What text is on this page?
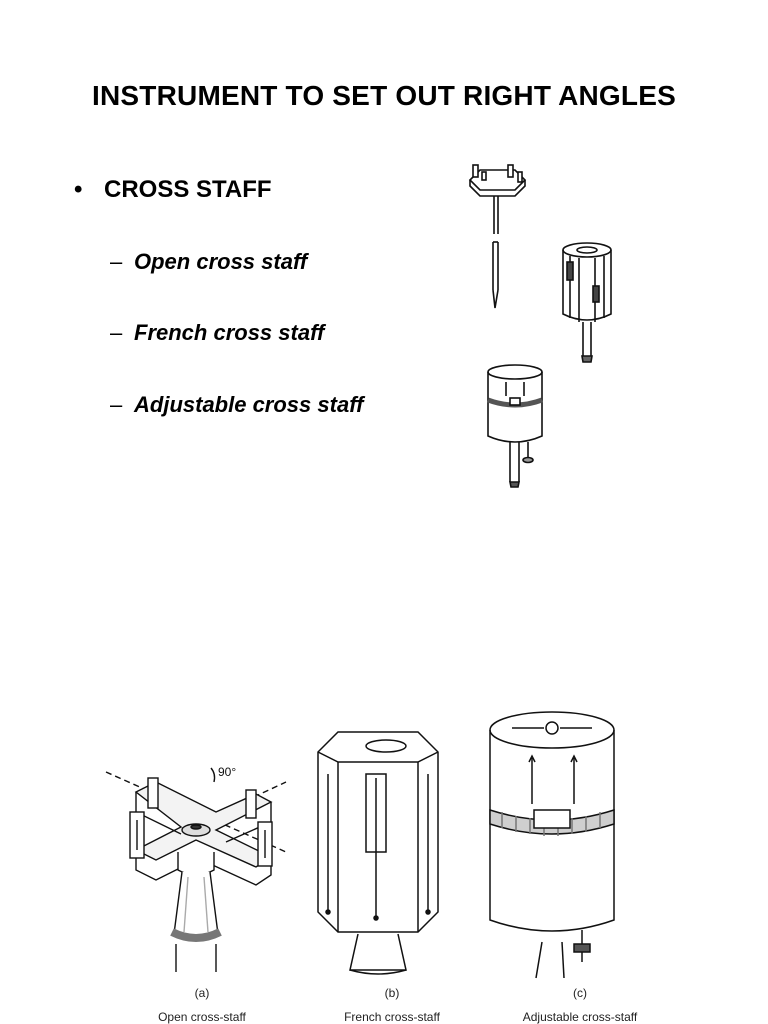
INSTRUMENT TO SET OUT RIGHT ANGLES
• CROSS STAFF
– Open cross staff
– French cross staff
– Adjustable cross staff
90°
(a)
Open cross-staff
(b)
French cross-staff
(c)
Adjustable cross-staff
